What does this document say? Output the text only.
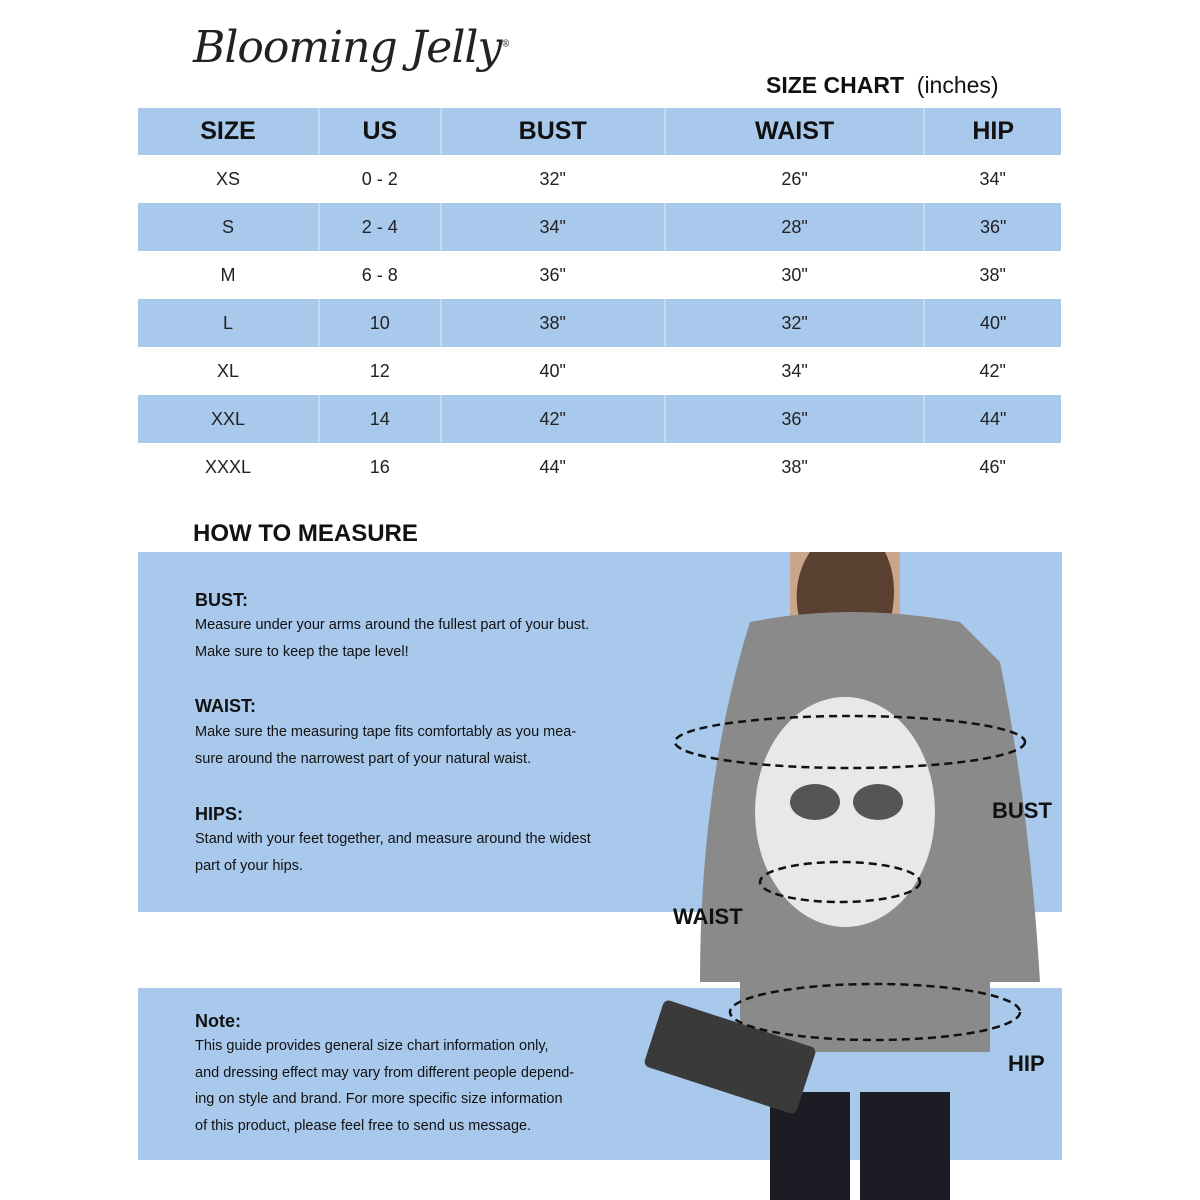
Blooming Jelly®
SIZE CHART (inches)
SIZE	US	BUST	WAIST	HIP
XS	0 - 2	32"	26"	34"
S	2 - 4	34"	28"	36"
M	6 - 8	36"	30"	38"
L	10	38"	32"	40"
XL	12	40"	34"	42"
XXL	14	42"	36"	44"
XXXL	16	44"	38"	46"
HOW TO MEASURE
BUST:
Measure under your arms around the fullest part of your bust.
Make sure to keep the tape level!
WAIST:
Make sure the measuring tape fits comfortably as you mea-
sure around the narrowest part of your natural waist.
HIPS:
Stand with your feet together, and measure around the widest
part of your hips.
Note:
This guide provides general size chart information only,
and dressing effect may vary from different people depend-
ing on style and brand. For more specific size information
of this product, please feel free to send us message.
BUST
WAIST
HIP
